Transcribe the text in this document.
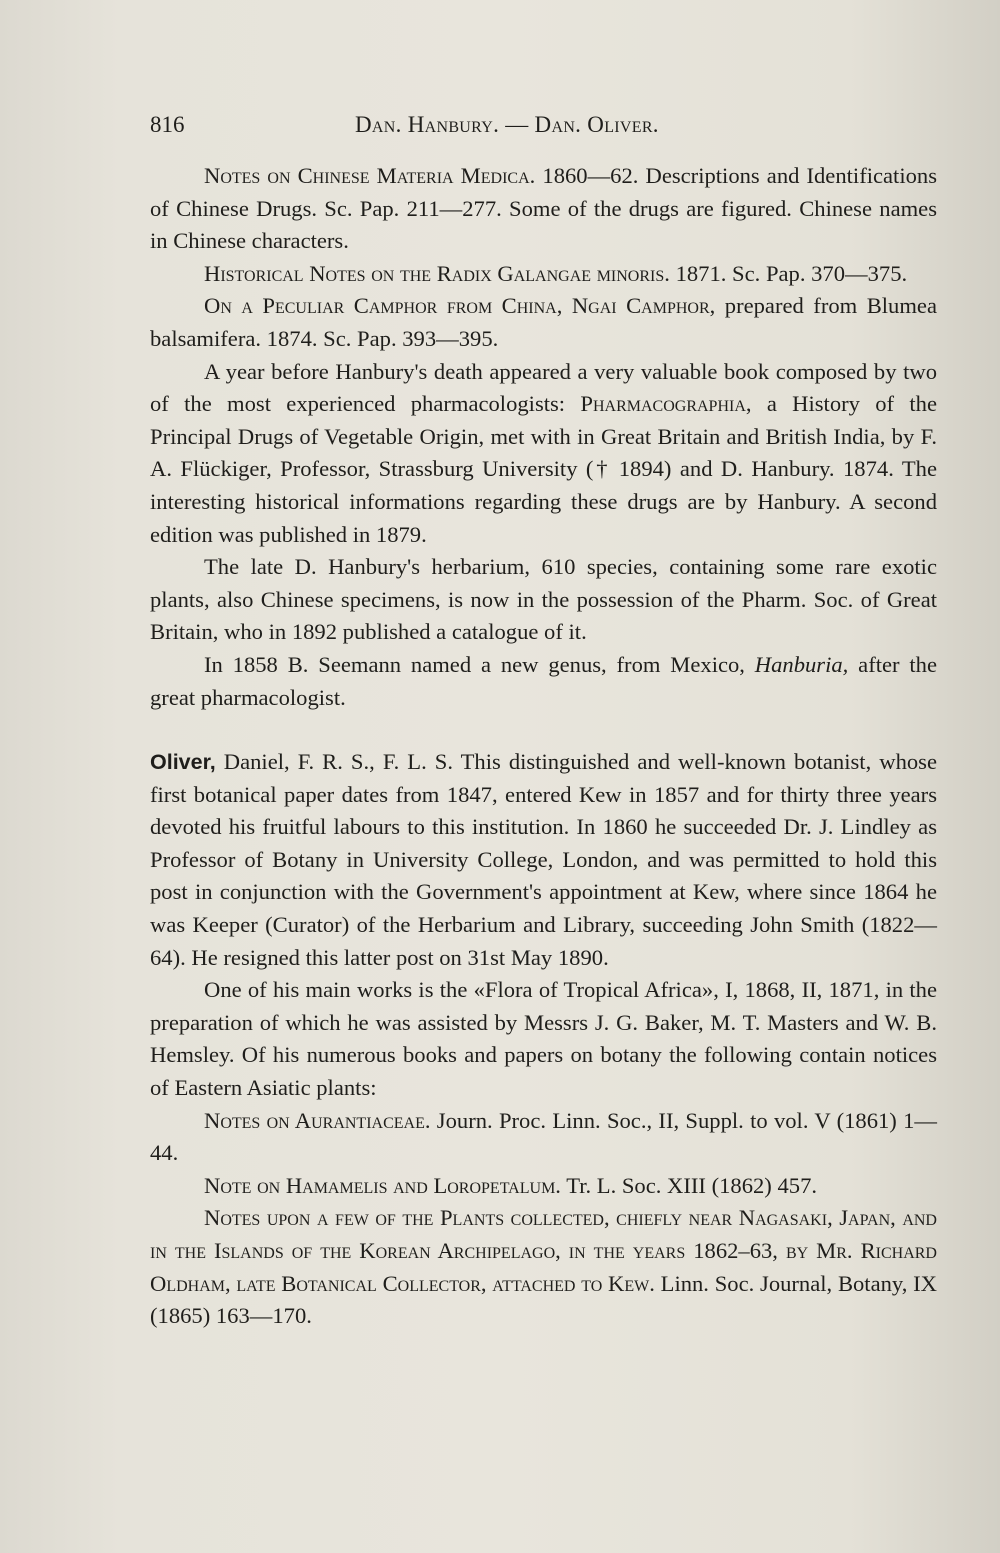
816	Dan. Hanbury. — Dan. Oliver.

Notes on Chinese Materia Medica. 1860—62. Descriptions and Identifications of Chinese Drugs. Sc. Pap. 211—277. Some of the drugs are figured. Chinese names in Chinese characters.

Historical Notes on the Radix Galangae minoris. 1871. Sc. Pap. 370—375.

On a Peculiar Camphor from China, Ngai Camphor, prepared from Blumea balsamifera. 1874. Sc. Pap. 393—395.

A year before Hanbury's death appeared a very valuable book composed by two of the most experienced pharmacologists: Pharmacographia, a History of the Principal Drugs of Vegetable Origin, met with in Great Britain and British India, by F. A. Flückiger, Professor, Strassburg University († 1894) and D. Hanbury. 1874. The interesting historical informations regarding these drugs are by Hanbury. A second edition was published in 1879.

The late D. Hanbury's herbarium, 610 species, containing some rare exotic plants, also Chinese specimens, is now in the possession of the Pharm. Soc. of Great Britain, who in 1892 published a catalogue of it.

In 1858 B. Seemann named a new genus, from Mexico, Hanburia, after the great pharmacologist.

Oliver, Daniel, F. R. S., F. L. S. This distinguished and well-known botanist, whose first botanical paper dates from 1847, entered Kew in 1857 and for thirty three years devoted his fruitful labours to this institution. In 1860 he succeeded Dr. J. Lindley as Professor of Botany in University College, London, and was permitted to hold this post in conjunction with the Government's appointment at Kew, where since 1864 he was Keeper (Curator) of the Herbarium and Library, succeeding John Smith (1822—64). He resigned this latter post on 31st May 1890.

One of his main works is the «Flora of Tropical Africa», I, 1868, II, 1871, in the preparation of which he was assisted by Messrs J. G. Baker, M. T. Masters and W. B. Hemsley. Of his numerous books and papers on botany the following contain notices of Eastern Asiatic plants:

Notes on Aurantiaceae. Journ. Proc. Linn. Soc., II, Suppl. to vol. V (1861) 1—44.

Note on Hamamelis and Loropetalum. Tr. L. Soc. XIII (1862) 457.

Notes upon a few of the Plants collected, chiefly near Nagasaki, Japan, and in the Islands of the Korean Archipelago, in the years 1862–63, by Mr. Richard Oldham, late Botanical Collector, attached to Kew. Linn. Soc. Journal, Botany, IX (1865) 163—170.
